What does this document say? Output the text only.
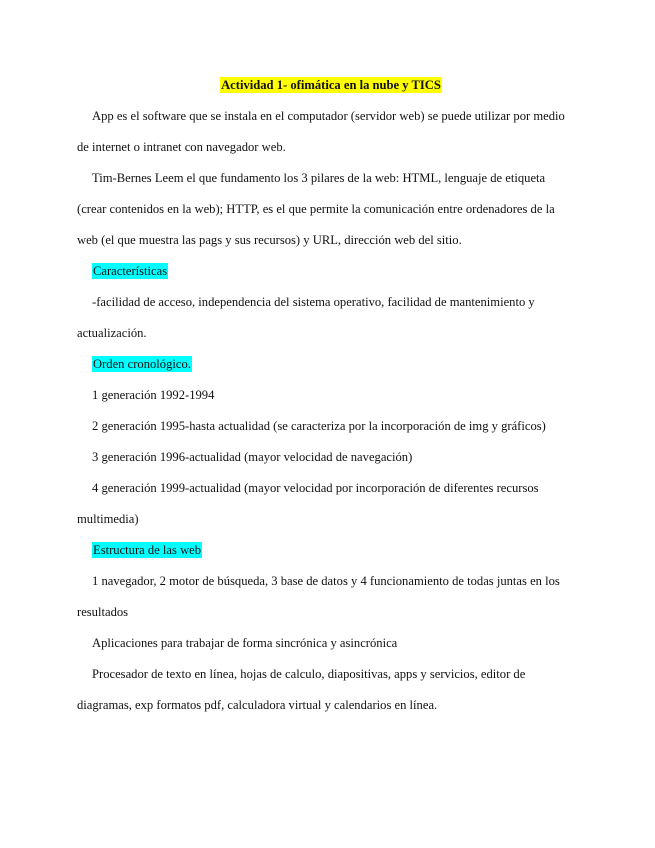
Actividad 1- ofimática en la nube y TICS
App es el software que se instala en el computador (servidor web) se puede utilizar por medio
de internet o intranet con navegador web.
Tim-Bernes Leem el que fundamento los 3 pilares de la web: HTML, lenguaje de etiqueta
(crear contenidos en la web); HTTP, es el que permite la comunicación entre ordenadores de la
web (el que muestra las pags y sus recursos) y URL, dirección web del sitio.
Características
-facilidad de acceso, independencia del sistema operativo, facilidad de mantenimiento y
actualización.
Orden cronológico.
1 generación 1992-1994
2 generación 1995-hasta actualidad (se caracteriza por la incorporación de img y gráficos)
3 generación 1996-actualidad (mayor velocidad de navegación)
4 generación 1999-actualidad (mayor velocidad por incorporación de diferentes recursos
multimedia)
Estructura de las web
1 navegador, 2 motor de búsqueda, 3 base de datos y 4 funcionamiento de todas juntas en los
resultados
Aplicaciones para trabajar de forma sincrónica y asincrónica
Procesador de texto en línea, hojas de calculo, diapositivas, apps y servicios, editor de
diagramas, exp formatos pdf, calculadora virtual y calendarios en línea.
